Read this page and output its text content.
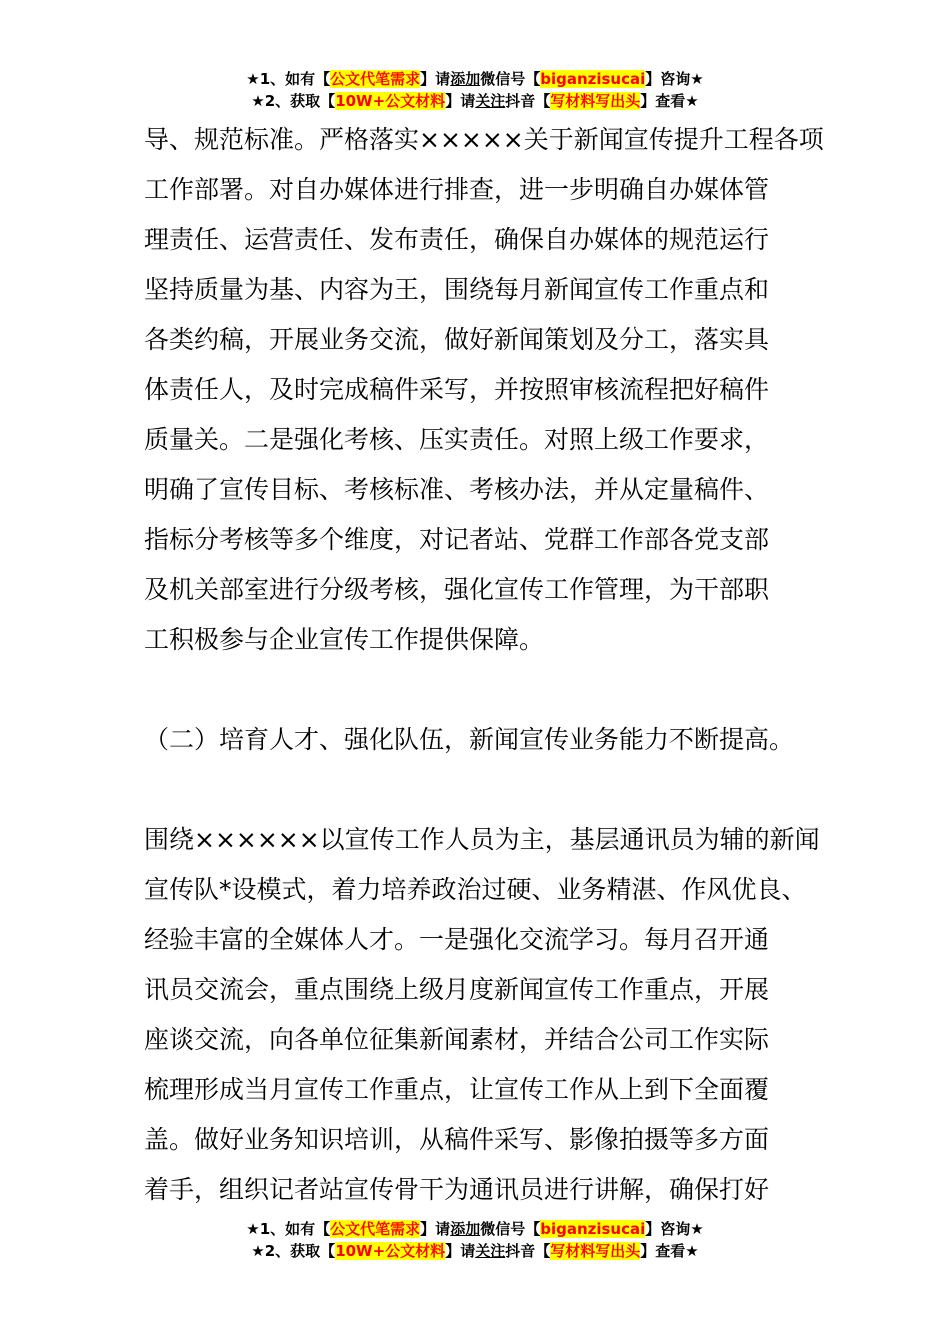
★1、如有【公文代笔需求】请添加微信号【biganzisucai】咨询★
★2、获取【10W+公文材料】请关注抖音【写材料写出头】查看★
导、规范标准。严格落实×××××关于新闻宣传提升工程各项
工作部署。对自办媒体进行排查，进一步明确自办媒体管
理责任、运营责任、发布责任，确保自办媒体的规范运行
坚持质量为基、内容为王，围绕每月新闻宣传工作重点和
各类约稿，开展业务交流，做好新闻策划及分工，落实具
体责任人，及时完成稿件采写，并按照审核流程把好稿件
质量关。二是强化考核、压实责任。对照上级工作要求，
明确了宣传目标、考核标准、考核办法，并从定量稿件、
指标分考核等多个维度，对记者站、党群工作部各党支部
及机关部室进行分级考核，强化宣传工作管理，为干部职
工积极参与企业宣传工作提供保障。
（二）培育人才、强化队伍，新闻宣传业务能力不断提高。
围绕××××××以宣传工作人员为主，基层通讯员为辅的新闻
宣传队*设模式，着力培养政治过硬、业务精湛、作风优良、
经验丰富的全媒体人才。一是强化交流学习。每月召开通
讯员交流会，重点围绕上级月度新闻宣传工作重点，开展
座谈交流，向各单位征集新闻素材，并结合公司工作实际
梳理形成当月宣传工作重点，让宣传工作从上到下全面覆
盖。做好业务知识培训，从稿件采写、影像拍摄等多方面
着手，组织记者站宣传骨干为通讯员进行讲解，确保打好
★1、如有【公文代笔需求】请添加微信号【biganzisucai】咨询★
★2、获取【10W+公文材料】请关注抖音【写材料写出头】查看★
